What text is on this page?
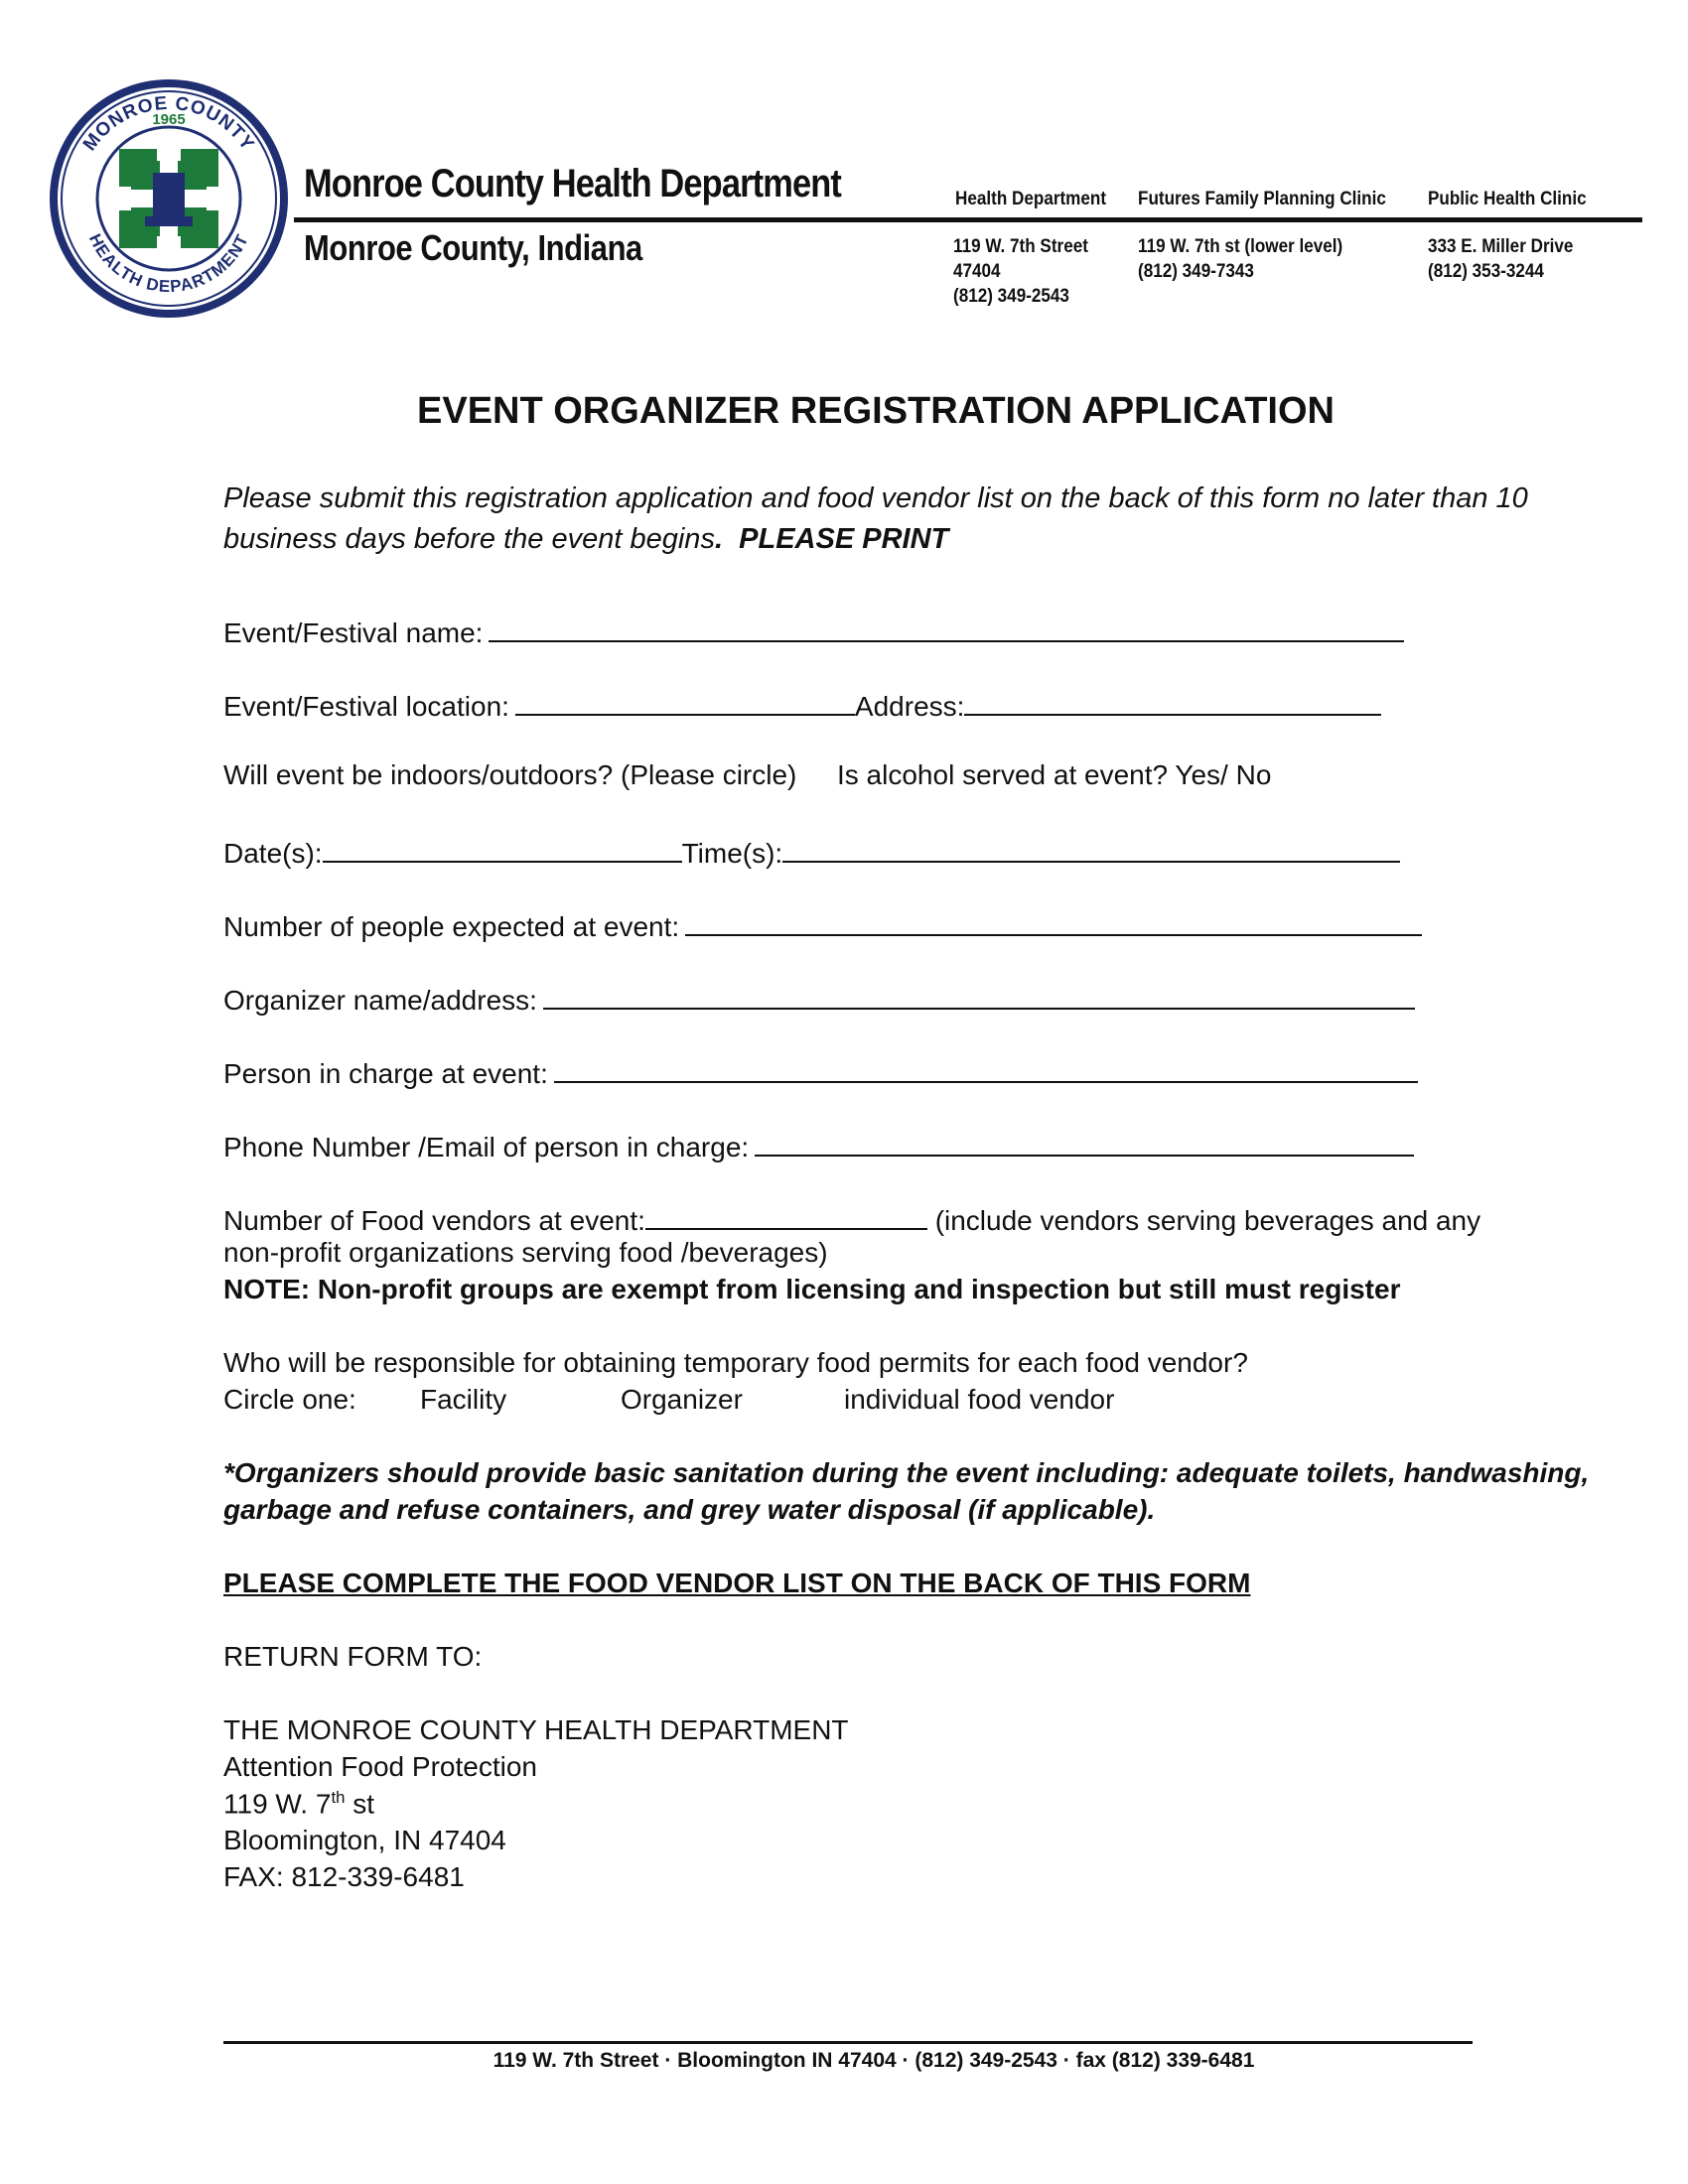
MONROE COUNTY
HEALTH DEPARTMENT
1965
Monroe County Health Department
Monroe County, Indiana
Health Department
119 W. 7th Street
47404
(812) 349-2543
Futures Family Planning Clinic
119 W. 7th st (lower level)
(812) 349-7343
Public Health Clinic
333 E. Miller Drive
(812) 353-3244
EVENT ORGANIZER REGISTRATION APPLICATION
Please submit this registration application and food vendor list on the back of this form no later than 10 business days before the event begins. PLEASE PRINT
Event/Festival name:
Event/Festival location:	Address:
Will event be indoors/outdoors? (Please circle) Is alcohol served at event? Yes/ No
Date(s):	Time(s):
Number of people expected at event:
Organizer name/address:
Person in charge at event:
Phone Number /Email of person in charge:
Number of Food vendors at event:	(include vendors serving beverages and any
non-profit organizations serving food /beverages)
NOTE: Non-profit groups are exempt from licensing and inspection but still must register
Who will be responsible for obtaining temporary food permits for each food vendor?
Circle one: Facility	Organizer	individual food vendor
*Organizers should provide basic sanitation during the event including: adequate toilets, handwashing,
garbage and refuse containers, and grey water disposal (if applicable).
PLEASE COMPLETE THE FOOD VENDOR LIST ON THE BACK OF THIS FORM
RETURN FORM TO:
THE MONROE COUNTY HEALTH DEPARTMENT
Attention Food Protection
119 W. 7th st
Bloomington, IN 47404
FAX: 812-339-6481
119 W. 7th Street · Bloomington IN 47404 · (812) 349-2543 · fax (812) 339-6481
